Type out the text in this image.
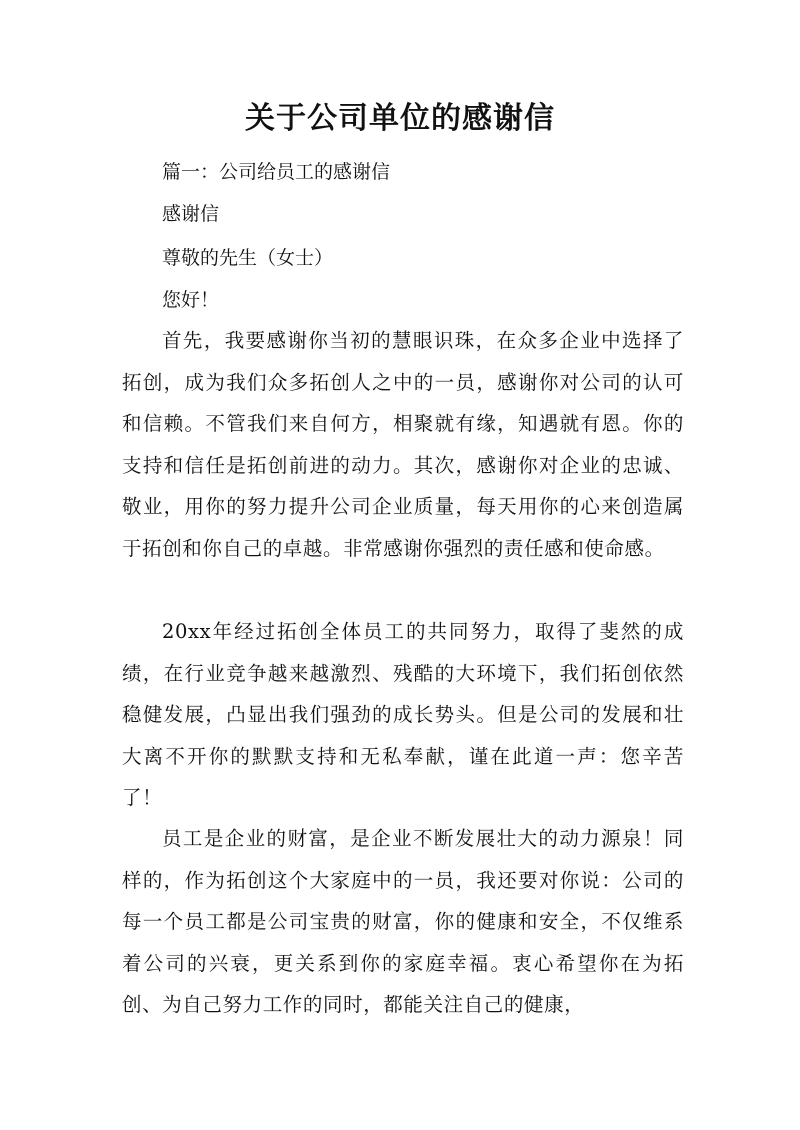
关于公司单位的感谢信

篇一：公司给员工的感谢信

感谢信

尊敬的先生（女士）

您好！

首先，我要感谢你当初的慧眼识珠，在众多企业中选择了拓创，成为我们众多拓创人之中的一员，感谢你对公司的认可和信赖。不管我们来自何方，相聚就有缘，知遇就有恩。你的支持和信任是拓创前进的动力。其次，感谢你对企业的忠诚、敬业，用你的努力提升公司企业质量，每天用你的心来创造属于拓创和你自己的卓越。非常感谢你强烈的责任感和使命感。

20xx年经过拓创全体员工的共同努力，取得了斐然的成绩，在行业竞争越来越激烈、残酷的大环境下，我们拓创依然稳健发展，凸显出我们强劲的成长势头。但是公司的发展和壮大离不开你的默默支持和无私奉献，谨在此道一声：您辛苦了！

员工是企业的财富，是企业不断发展壮大的动力源泉！同样的，作为拓创这个大家庭中的一员，我还要对你说：公司的每一个员工都是公司宝贵的财富，你的健康和安全，不仅维系着公司的兴衰，更关系到你的家庭幸福。衷心希望你在为拓创、为自己努力工作的同时，都能关注自己的健康，
